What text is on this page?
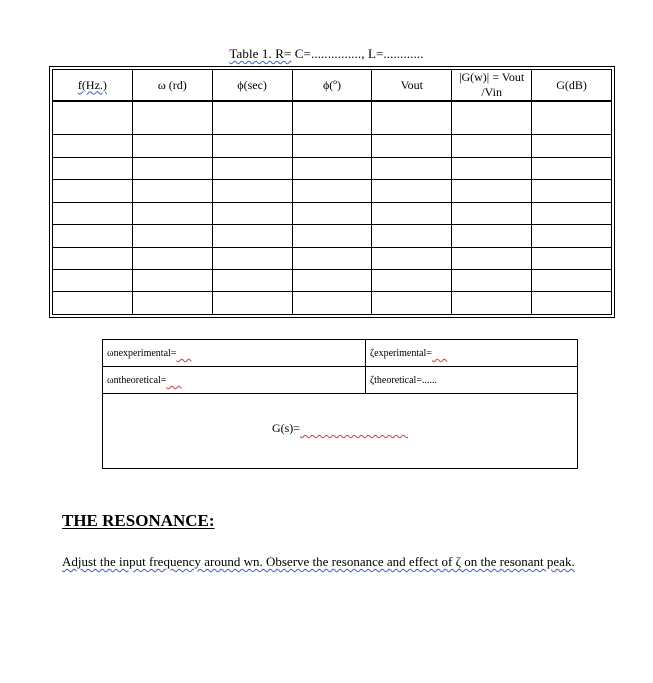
Table 1. R= C=..............., L=............
f(Hz.)	ω (rd)	ϕ(sec)	ϕ(º)	Vout	|G(w)| = Vout /Vin	G(dB)

ωnexperimental=	ζexperimental=
ωntheoretical=	ζtheoretical=......
G(s)=
THE RESONANCE:
Adjust the input frequency around wn. Observe the resonance and effect of ζ on the resonant peak.
